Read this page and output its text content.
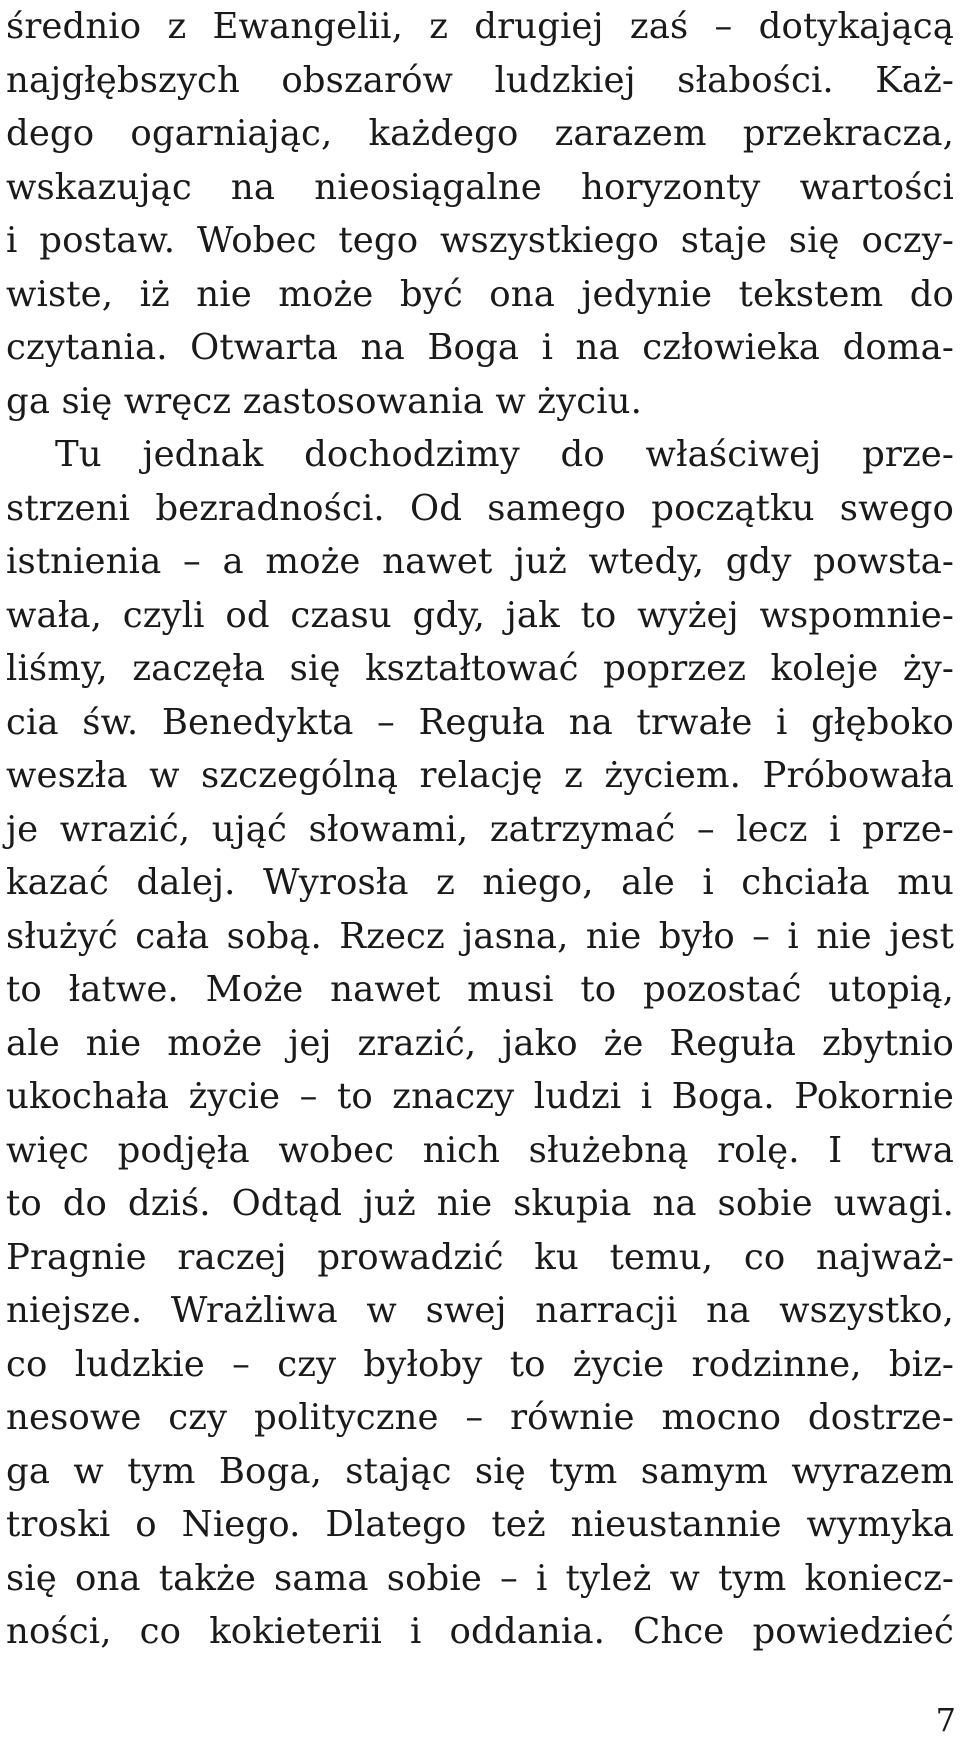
średnio z Ewangelii, z drugiej zaś – dotykającą
najgłębszych obszarów ludzkiej słabości. Każ-
dego ogarniając, każdego zarazem przekracza,
wskazując na nieosiągalne horyzonty wartości
i postaw. Wobec tego wszystkiego staje się oczy-
wiste, iż nie może być ona jedynie tekstem do
czytania. Otwarta na Boga i na człowieka doma-
ga się wręcz zastosowania w życiu.
Tu jednak dochodzimy do właściwej prze-
strzeni bezradności. Od samego początku swego
istnienia – a może nawet już wtedy, gdy powsta-
wała, czyli od czasu gdy, jak to wyżej wspomnie-
liśmy, zaczęła się kształtować poprzez koleje ży-
cia św. Benedykta – Reguła na trwałe i głęboko
weszła w szczególną relację z życiem. Próbowała
je wrazić, ująć słowami, zatrzymać – lecz i prze-
kazać dalej. Wyrosła z niego, ale i chciała mu
służyć cała sobą. Rzecz jasna, nie było – i nie jest
to łatwe. Może nawet musi to pozostać utopią,
ale nie może jej zrazić, jako że Reguła zbytnio
ukochała życie – to znaczy ludzi i Boga. Pokornie
więc podjęła wobec nich służebną rolę. I trwa
to do dziś. Odtąd już nie skupia na sobie uwagi.
Pragnie raczej prowadzić ku temu, co najważ-
niejsze. Wrażliwa w swej narracji na wszystko,
co ludzkie – czy byłoby to życie rodzinne, biz-
nesowe czy polityczne – równie mocno dostrze-
ga w tym Boga, stając się tym samym wyrazem
troski o Niego. Dlatego też nieustannie wymyka
się ona także sama sobie – i tyleż w tym koniecz-
ności, co kokieterii i oddania. Chce powiedzieć
7
